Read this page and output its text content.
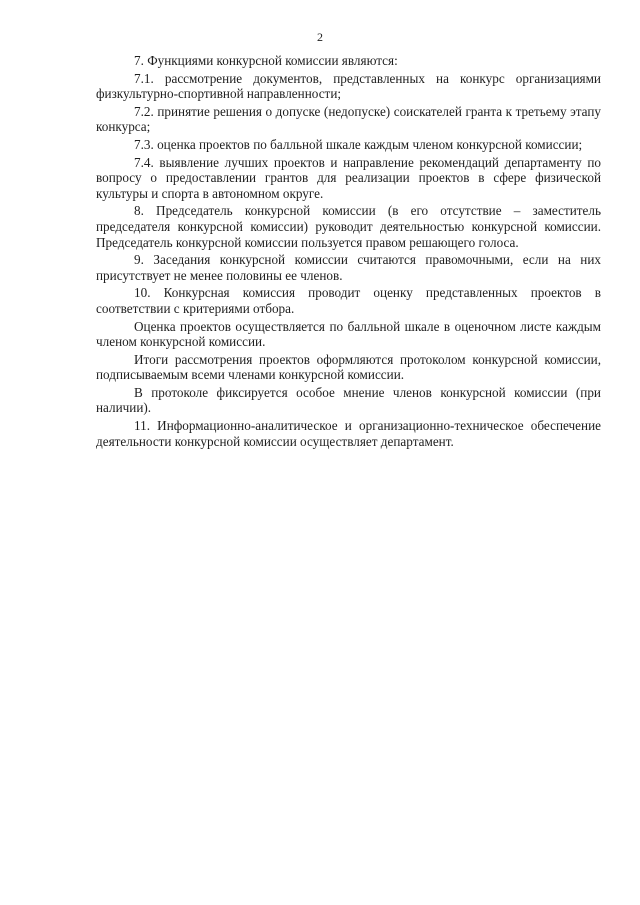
2

7. Функциями конкурсной комиссии являются:

7.1. рассмотрение документов, представленных на конкурс организациями физкультурно-спортивной направленности;

7.2. принятие решения о допуске (недопуске) соискателей гранта к третьему этапу конкурса;

7.3. оценка проектов по балльной шкале каждым членом конкурсной комиссии;

7.4. выявление лучших проектов и направление рекомендаций департаменту по вопросу о предоставлении грантов для реализации проектов в сфере физической культуры и спорта в автономном округе.

8. Председатель конкурсной комиссии (в его отсутствие – заместитель председателя конкурсной комиссии) руководит деятельностью конкурсной комиссии. Председатель конкурсной комиссии пользуется правом решающего голоса.

9. Заседания конкурсной комиссии считаются правомочными, если на них присутствует не менее половины ее членов.

10. Конкурсная комиссия проводит оценку представленных проектов в соответствии с критериями отбора.

Оценка проектов осуществляется по балльной шкале в оценочном листе каждым членом конкурсной комиссии.

Итоги рассмотрения проектов оформляются протоколом конкурсной комиссии, подписываемым всеми членами конкурсной комиссии.

В протоколе фиксируется особое мнение членов конкурсной комиссии (при наличии).

11. Информационно-аналитическое и организационно-техническое обеспечение деятельности конкурсной комиссии осуществляет департамент.
